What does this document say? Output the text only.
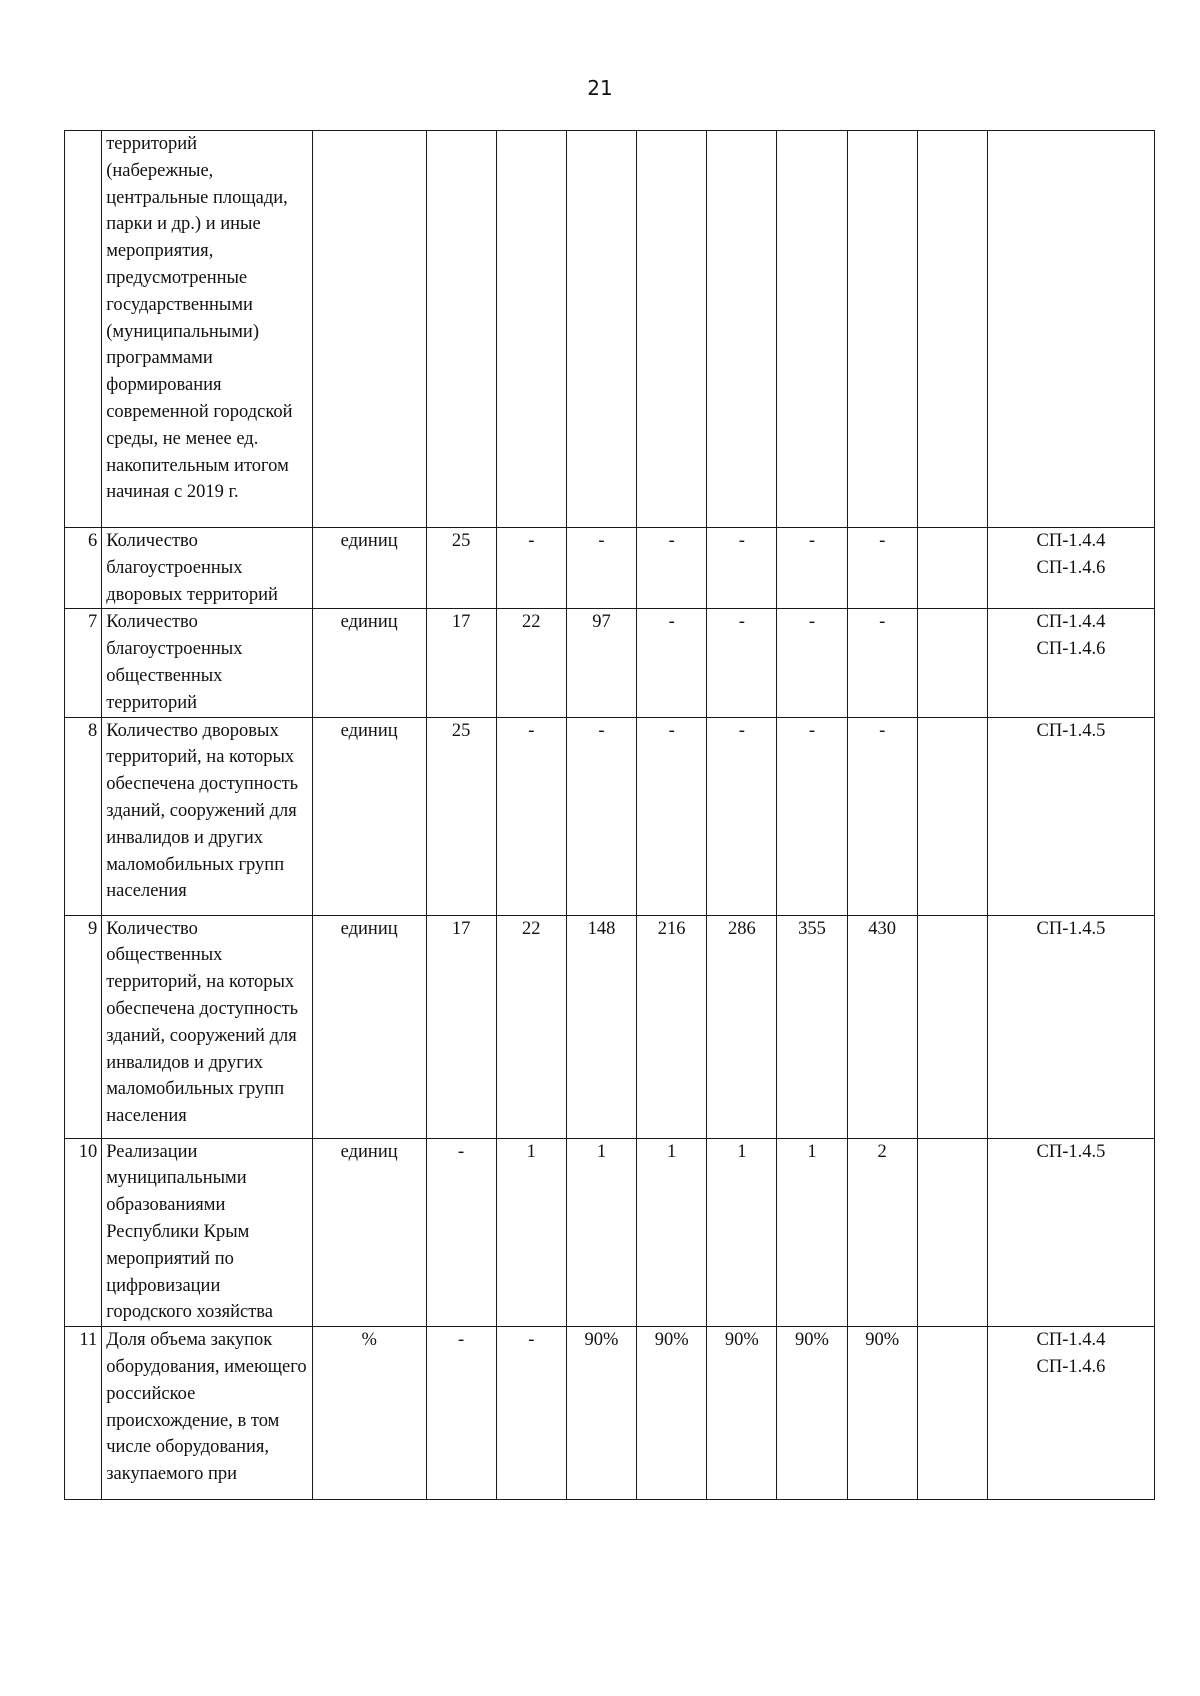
21
	территорий (набережные, центральные площади, парки и др.) и иные мероприятия, предусмотренные государственными (муниципальными) программами формирования современной городской среды, не менее ед. накопительным итогом начиная с 2019 г.										

6	Количество благоустроенных дворовых территорий	единиц	25	-	-	-	-	-	-		СП-1.4.4
СП-1.4.6

7	Количество благоустроенных общественных территорий	единиц	17	22	97	-	-	-	-		СП-1.4.4
СП-1.4.6

8	Количество дворовых территорий, на которых обеспечена доступность зданий, сооружений для инвалидов и других маломобильных групп населения	единиц	25	-	-	-	-	-	-		СП-1.4.5

9	Количество общественных территорий, на которых обеспечена доступность зданий, сооружений для инвалидов и других маломобильных групп населения	единиц	17	22	148	216	286	355	430		СП-1.4.5

10	Реализации муниципальными образованиями Республики Крым мероприятий по цифровизации городского хозяйства	единиц	-	1	1	1	1	1	2		СП-1.4.5

11	Доля объема закупок оборудования, имеющего российское происхождение, в том числе оборудования, закупаемого при	%	-	-	90%	90%	90%	90%	90%		СП-1.4.4
СП-1.4.6
